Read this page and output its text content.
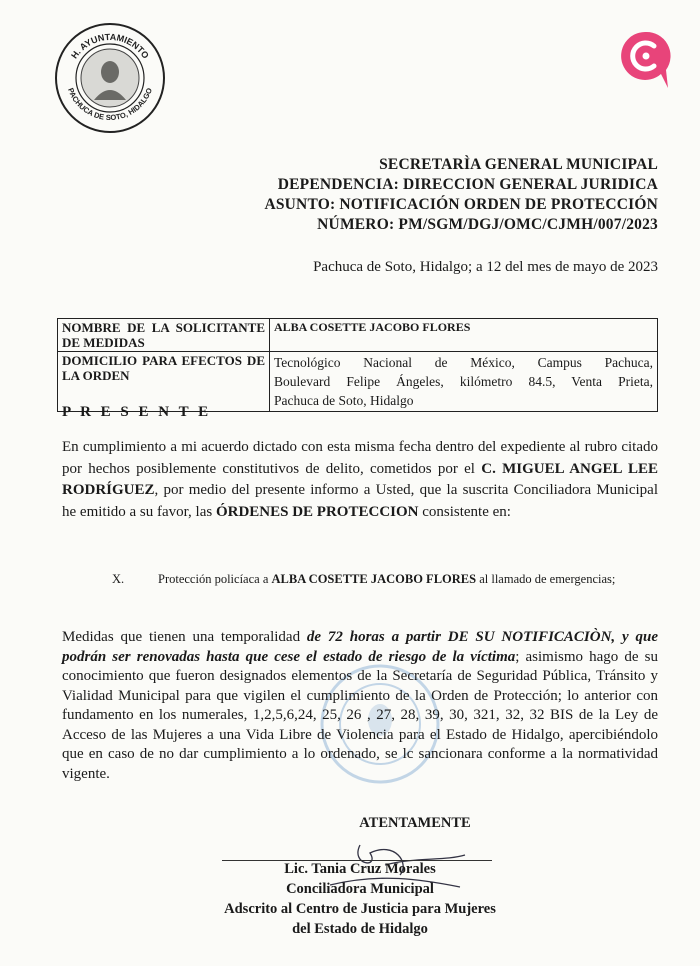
H. AYUNTAMIENTO
PACHUCA DE SOTO, HIDALGO
SECRETARÌA GENERAL MUNICIPAL
DEPENDENCIA: DIRECCION GENERAL JURIDICA
ASUNTO: NOTIFICACIÓN ORDEN DE PROTECCIÓN
NÚMERO: PM/SGM/DGJ/OMC/CJMH/007/2023
Pachuca de Soto, Hidalgo; a 12 del mes de mayo de 2023
NOMBRE DE LA SOLICITANTE DE MEDIDAS	ALBA COSETTE JACOBO FLORES
DOMICILIO PARA EFECTOS DE LA ORDEN	Tecnológico Nacional de México, Campus Pachuca,
Boulevard Felipe Ángeles, kilómetro 84.5, Venta Prieta,
Pachuca de Soto, Hidalgo
P R E S E N T E
En cumplimiento a mi acuerdo dictado con esta misma fecha dentro del expediente al rubro citado por hechos posiblemente constitutivos de delito, cometidos por el C. MIGUEL ANGEL LEE RODRÍGUEZ, por medio del presente informo a Usted, que la suscrita Conciliadora Municipal he emitido a su favor, las ÓRDENES DE PROTECCION consistente en:
X.	Protección policíaca a ALBA COSETTE JACOBO FLORES al llamado de emergencias;
Medidas que tienen una temporalidad de 72 horas a partir DE SU NOTIFICACIÒN, y que podrán ser renovadas hasta que cese el estado de riesgo de la víctima; asimismo hago de su conocimiento que fueron designados elementos de la Secretaría de Seguridad Pública, Tránsito y Vialidad Municipal para que vigilen el cumplimiento de la Orden de Protección; lo anterior con fundamento en los numerales, 1,2,5,6,24, 25, 26 , 27, 28, 39, 30, 321, 32, 32 BIS de la Ley de Acceso de las Mujeres a una Vida Libre de Violencia para el Estado de Hidalgo, apercibiéndolo que en caso de no dar cumplimiento a lo ordenado, se lc sancionara conforme a la normatividad vigente.
ATENTAMENTE
Lic. Tania Cruz Morales
Conciliadora Municipal
Adscrito al Centro de Justicia para Mujeres
del Estado de Hidalgo
